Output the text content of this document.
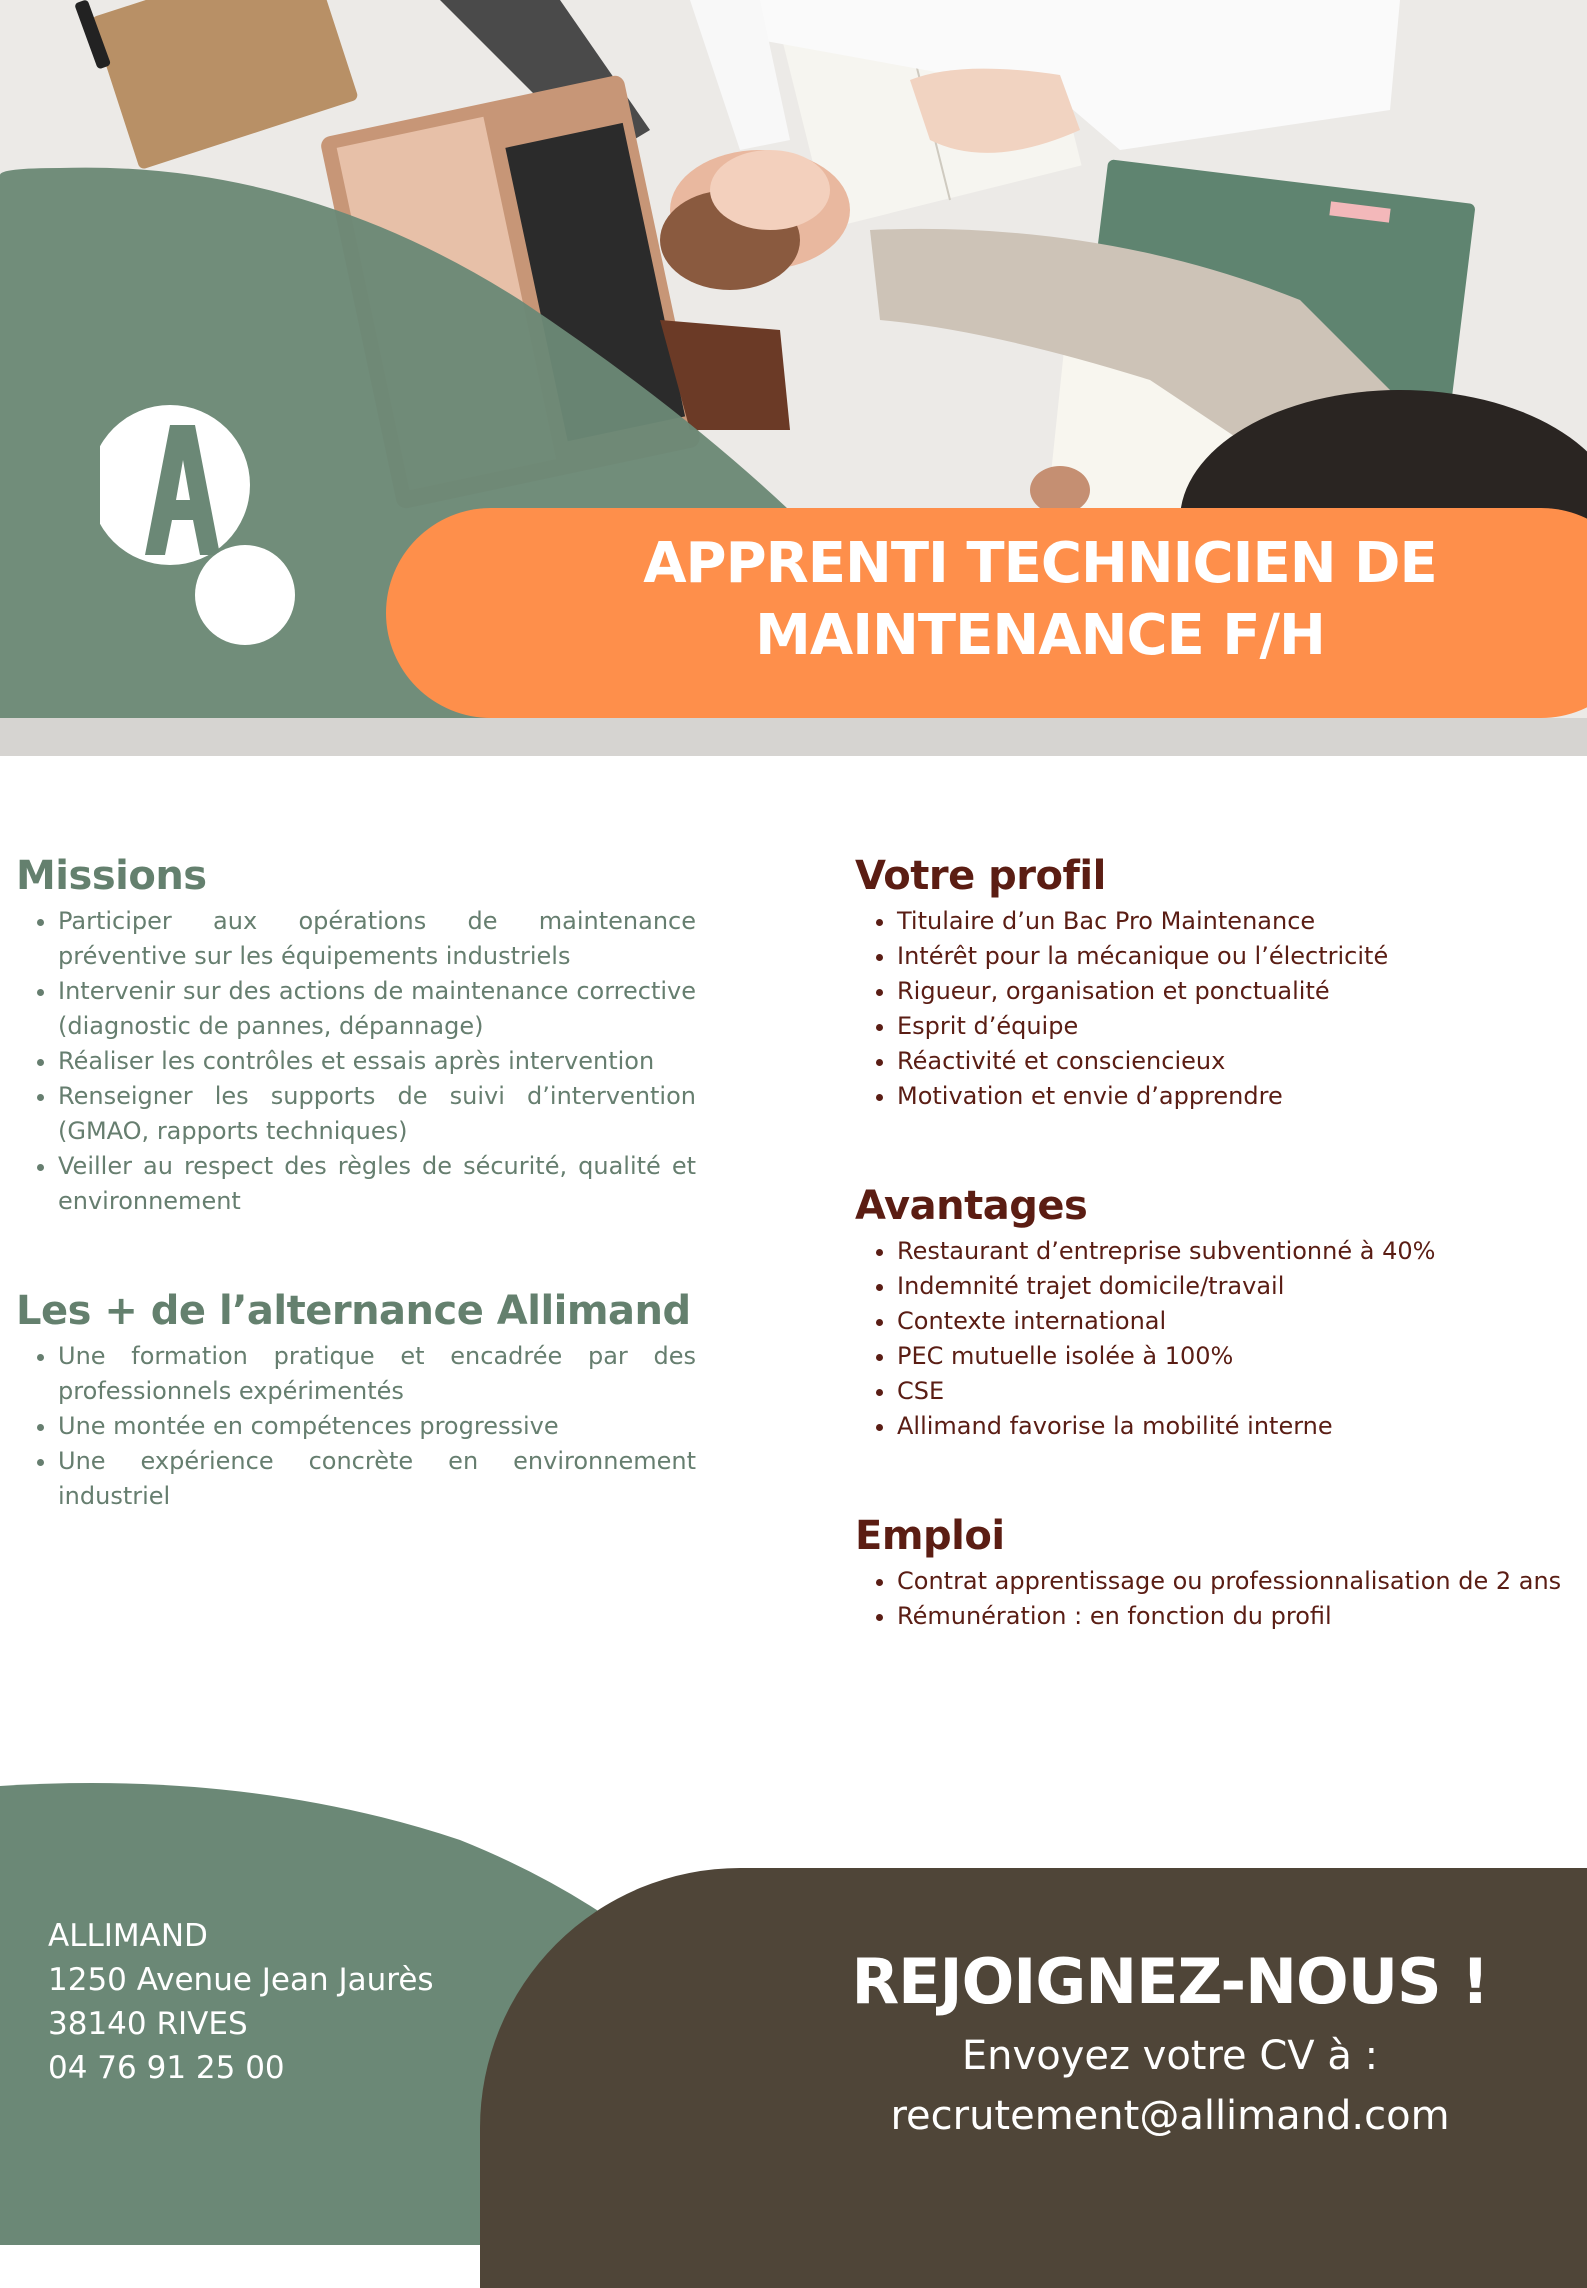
APPRENTI TECHNICIEN DE
MAINTENANCE F/H
Missions
• Participer aux opérations de maintenance préventive sur les équipements industriels
• Intervenir sur des actions de maintenance corrective (diagnostic de pannes, dépannage)
• Réaliser les contrôles et essais après intervention
• Renseigner les supports de suivi d’intervention (GMAO, rapports techniques)
• Veiller au respect des règles de sécurité, qualité et environnement
Les + de l’alternance Allimand
• Une formation pratique et encadrée par des professionnels expérimentés
• Une montée en compétences progressive
• Une expérience concrète en environnement industriel
Votre profil
• Titulaire d’un Bac Pro Maintenance
• Intérêt pour la mécanique ou l’électricité
• Rigueur, organisation et ponctualité
• Esprit d’équipe
• Réactivité et consciencieux
• Motivation et envie d’apprendre
Avantages
• Restaurant d’entreprise subventionné à 40%
• Indemnité trajet domicile/travail
• Contexte international
• PEC mutuelle isolée à 100%
• CSE
• Allimand favorise la mobilité interne
Emploi
• Contrat apprentissage ou professionnalisation de 2 ans
• Rémunération : en fonction du profil
ALLIMAND
1250 Avenue Jean Jaurès
38140 RIVES
04 76 91 25 00
REJOIGNEZ-NOUS !
Envoyez votre CV à :
recrutement@allimand.com
